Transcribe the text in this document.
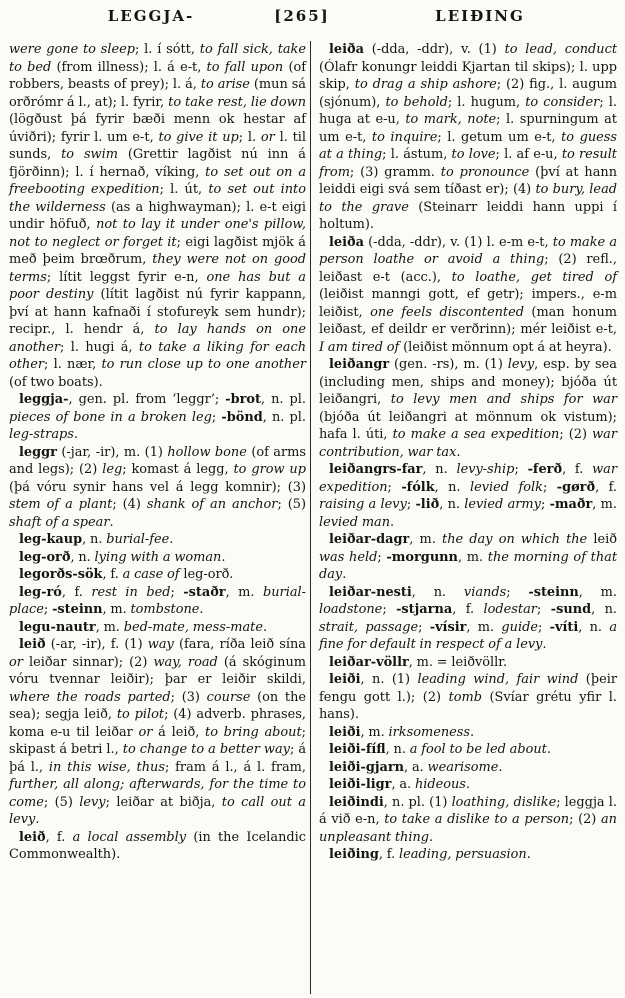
LEGGJA-	[265]	LEIÐING

were gone to sleep; l. í sótt, to fall sick, take to bed (from illness); l. á e-t, to fall upon (of robbers, beasts of prey); l. á, to arise (mun sá orðrómr á l., at); l. fyrir, to take rest, lie down (lögðust þá fyrir bæði menn ok hestar af úviðri); fyrir l. um e-t, to give it up; l. or l. til sunds, to swim (Grettir lagðist nú inn á fjörðinn); l. í hernað, víking, to set out on a freebooting expedition; l. út, to set out into the wilderness (as a highwayman); l. e-t eigi undir höfuð, not to lay it under one's pillow, not to neglect or forget it; eigi lagðist mjök á með þeim brœðrum, they were not on good terms; lítit leggst fyrir e-n, one has but a poor destiny (lítit lagðist nú fyrir kappann, því at hann kafnaði í stofureyk sem hundr); recipr., l. hendr á, to lay hands on one another; l. hugi á, to take a liking for each other; l. nær, to run close up to one another (of two boats).

leggja-, gen. pl. from ‘leggr’; -brot, n. pl. pieces of bone in a broken leg; -bönd, n. pl. leg-straps.

leggr (-jar, -ir), m. (1) hollow bone (of arms and legs); (2) leg; komast á legg, to grow up (þá vóru synir hans vel á legg komnir); (3) stem of a plant; (4) shank of an anchor; (5) shaft of a spear.

leg-kaup, n. burial-fee.

leg-orð, n. lying with a woman.

legorðs-sök, f. a case of leg-orð.

leg-ró, f. rest in bed; -staðr, m. burial-place; -steinn, m. tombstone.

legu-nautr, m. bed-mate, mess-mate.

leið (-ar, -ir), f. (1) way (fara, ríða leið sína or leiðar sinnar); (2) way, road (á skóginum vóru tvennar leiðir); þar er leiðir skildi, where the roads parted; (3) course (on the sea); segja leið, to pilot; (4) adverb. phrases, koma e-u til leiðar or á leið, to bring about; skipast á betri l., to change to a better way; á þá l., in this wise, thus; fram á l., á l. fram, further, all along; afterwards, for the time to come; (5) levy; leiðar at biðja, to call out a levy.

leið, f. a local assembly (in the Icelandic Commonwealth).

leiða (-dda, -ddr), v. (1) to lead, conduct (Ólafr konungr leiddi Kjartan til skips); l. upp skip, to drag a ship ashore; (2) fig., l. augum (sjónum), to behold; l. hugum, to consider; l. huga at e-u, to mark, note; l. spurningum at um e-t, to inquire; l. getum um e-t, to guess at a thing; l. ástum, to love; l. af e-u, to result from; (3) gramm. to pronounce (því at hann leiddi eigi svá sem tíðast er); (4) to bury, lead to the grave (Steinarr leiddi hann uppi í holtum).

leiða (-dda, -ddr), v. (1) l. e-m e-t, to make a person loathe or avoid a thing; (2) refl., leiðast e-t (acc.), to loathe, get tired of (leiðist manngi gott, ef getr); impers., e-m leiðist, one feels discontented (man honum leiðast, ef deildr er verðrinn); mér leiðist e-t, I am tired of (leiðist mönnum opt á at heyra).

leiðangr (gen. -rs), m. (1) levy, esp. by sea (including men, ships and money); bjóða út leiðangri, to levy men and ships for war (bjóða út leiðangri at mönnum ok vistum); hafa l. úti, to make a sea expedition; (2) war contribution, war tax.

leiðangrs-far, n. levy-ship; -ferð, f. war expedition; -fólk, n. levied folk; -gørð, f. raising a levy; -lið, n. levied army; -maðr, m. levied man.

leiðar-dagr, m. the day on which the leið was held; -morgunn, m. the morning of that day.

leiðar-nesti, n. viands; -steinn, m. loadstone; -stjarna, f. lodestar; -sund, n. strait, passage; -vísir, m. guide; -víti, n. a fine for default in respect of a levy.

leiðar-völlr, m. = leiðvöllr.

leiði, n. (1) leading wind, fair wind (þeir fengu gott l.); (2) tomb (Svíar grétu yfir l. hans).

leiði, m. irksomeness.

leiði-fífl, n. a fool to be led about.

leiði-gjarn, a. wearisome.

leiði-ligr, a. hideous.

leiðindi, n. pl. (1) loathing, dislike; leggja l. á við e-n, to take a dislike to a person; (2) an unpleasant thing.

leiðing, f. leading, persuasion.
